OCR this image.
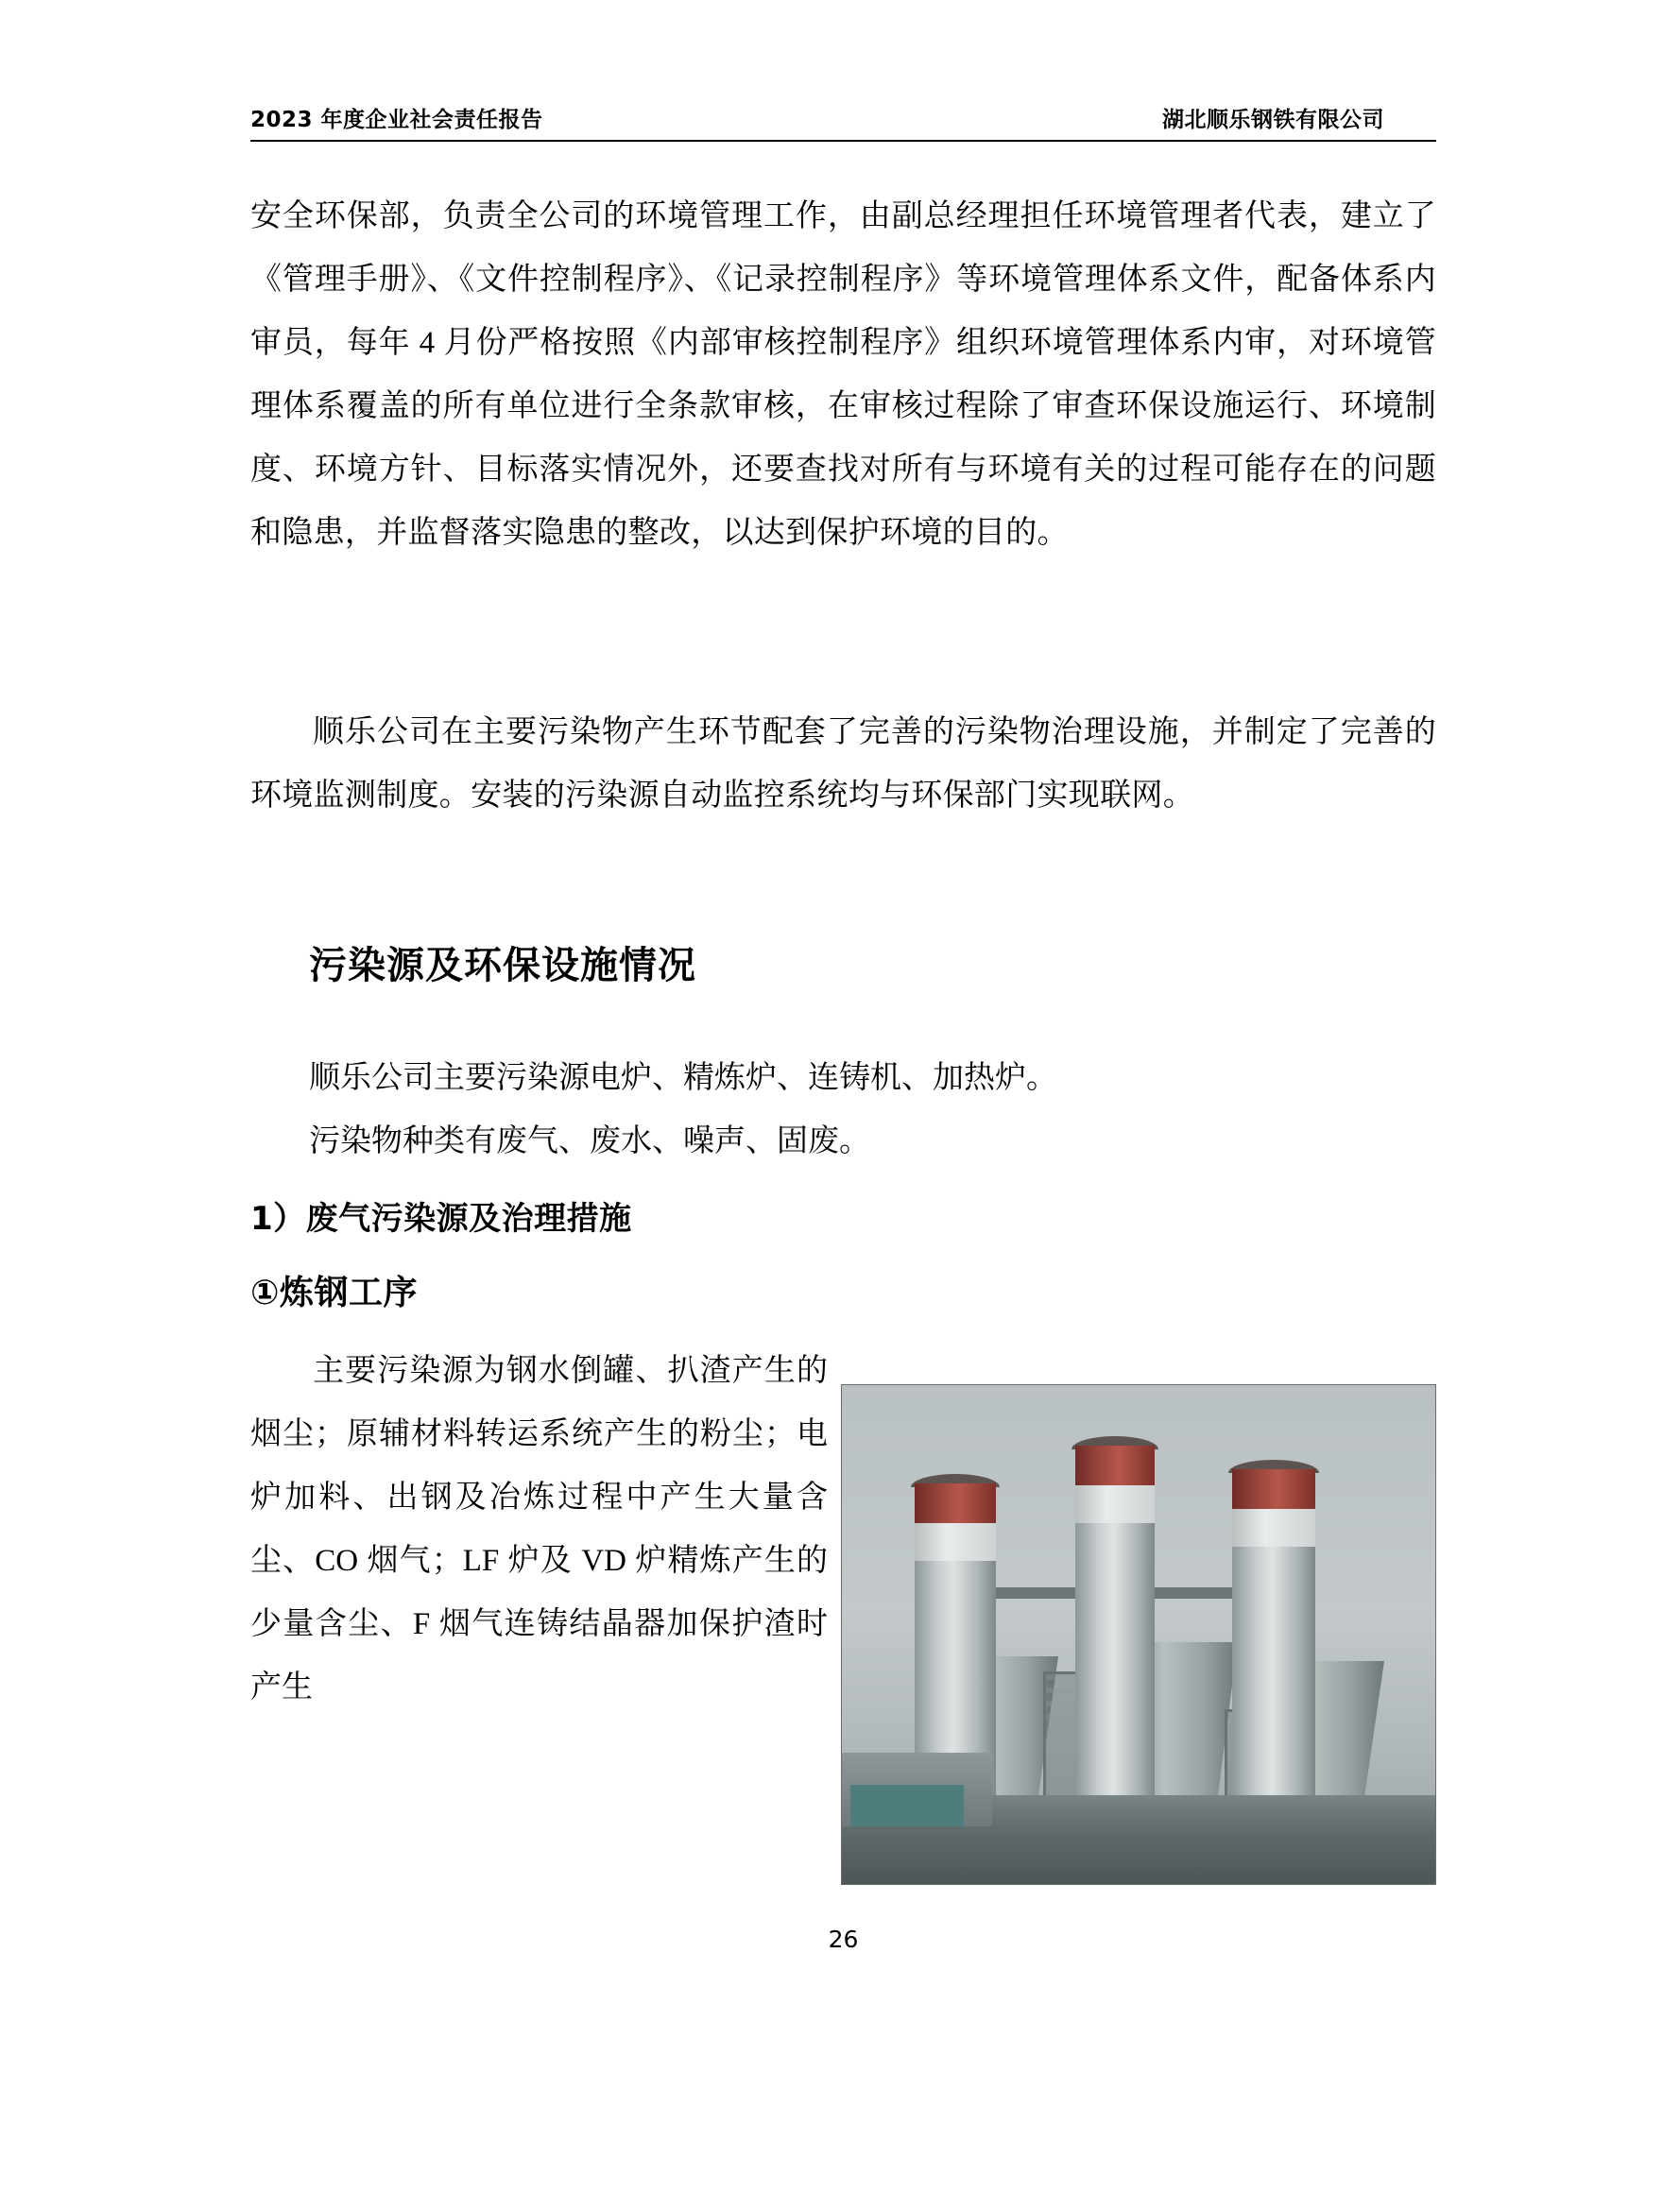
2023 年度企业社会责任报告	湖北顺乐钢铁有限公司

安全环保部，负责全公司的环境管理工作，由副总经理担任环境管理者代表，建立了《管理手册》、《文件控制程序》、《记录控制程序》等环境管理体系文件，配备体系内审员，每年 4 月份严格按照《内部审核控制程序》组织环境管理体系内审，对环境管理体系覆盖的所有单位进行全条款审核，在审核过程除了审查环保设施运行、环境制度、环境方针、目标落实情况外，还要查找对所有与环境有关的过程可能存在的问题和隐患，并监督落实隐患的整改，以达到保护环境的目的。

顺乐公司在主要污染物产生环节配套了完善的污染物治理设施，并制定了完善的环境监测制度。安装的污染源自动监控系统均与环保部门实现联网。

污染源及环保设施情况

顺乐公司主要污染源电炉、精炼炉、连铸机、加热炉。

污染物种类有废气、废水、噪声、固废。

1）废气污染源及治理措施
①炼钢工序

主要污染源为钢水倒罐、扒渣产生的烟尘；原辅材料转运系统产生的粉尘；电炉加料、出钢及冶炼过程中产生大量含尘、CO 烟气；LF 炉及 VD 炉精炼产生的少量含尘、F 烟气连铸结晶器加保护渣时产生

26
